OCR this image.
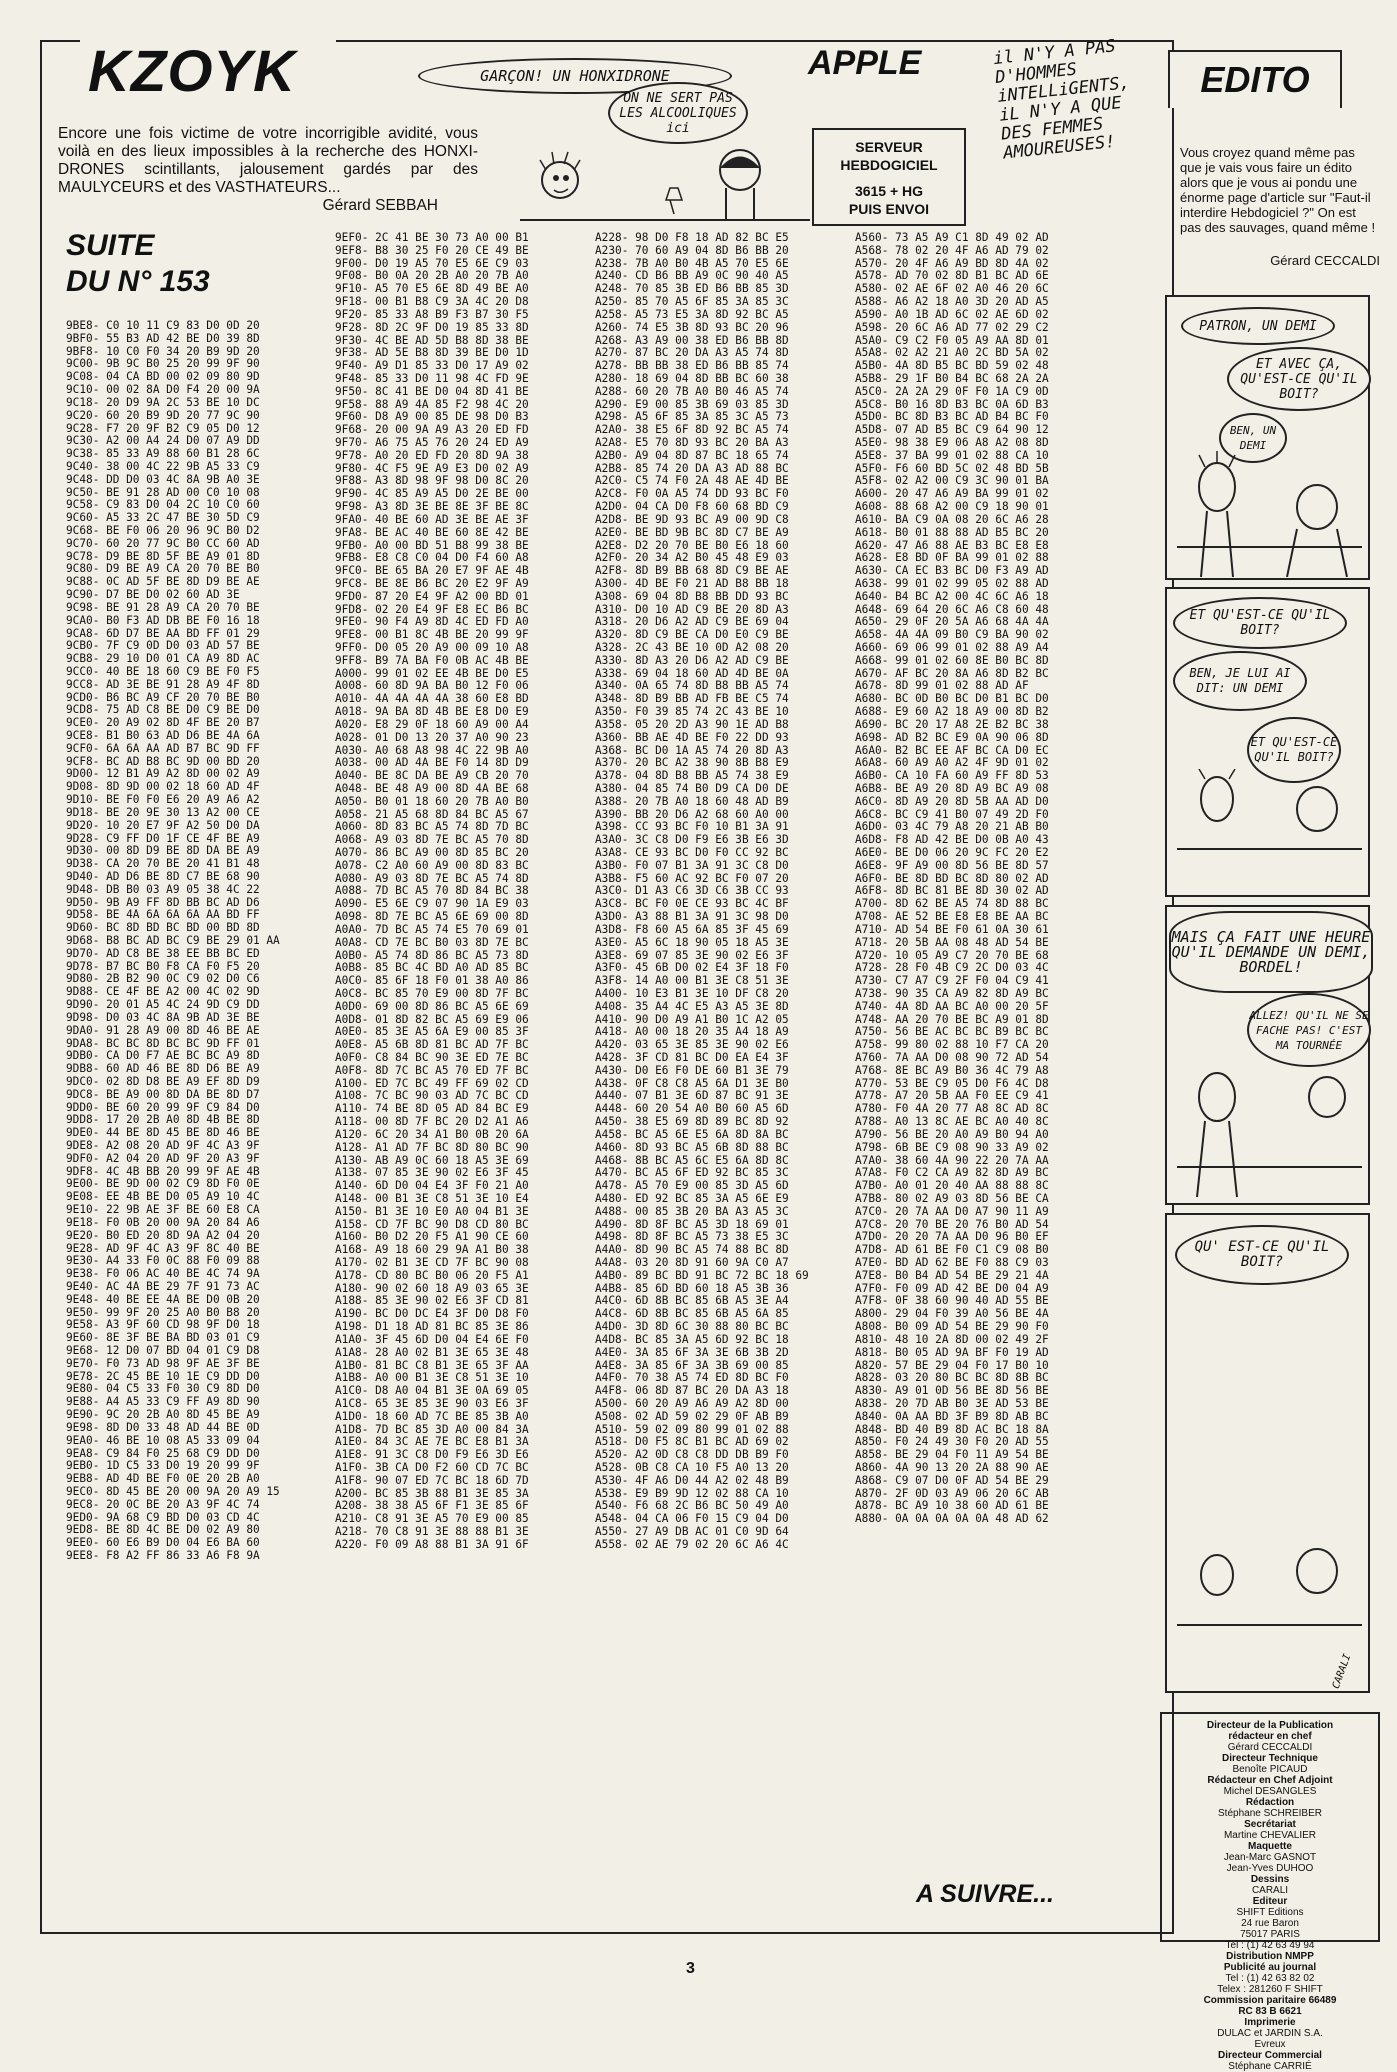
KZOYK
Encore une fois victime de votre incorrigible avidité, vous voilà en des lieux impossibles à la recherche des HONXI-DRONES scintillants, jalousement gardés par des MAULYCEURS et des VASTHATEURS...
Gérard SEBBAH
GARÇON! UN HONXIDRONE
ON NE SERT PAS LES ALCOOLIQUES ici
APPLE
SERVEUR
HEBDOGICIEL
3615 + HG
PUIS ENVOI
il N'Y A PAS D'HOMMES iNTELLiGENTS, iL N'Y A QUE DES FEMMES AMOUREUSES!
EDITO
Vous croyez quand même pas que je vais vous faire un édito alors que je vous ai pondu une énorme page d'article sur "Faut-il interdire Hebdogiciel ?" On est pas des sauvages, quand même !
Gérard CECCALDI
PATRON, UN DEMI
ET AVEC ÇA, QU'EST-CE QU'IL BOIT?
BEN, UN DEMI
ET QU'EST-CE QU'IL BOIT?
BEN, JE LUI AI DIT: UN DEMI
ET QU'EST-CE QU'IL BOIT?
MAIS ÇA FAIT UNE HEURE QU'IL DEMANDE UN DEMI, BORDEL!
ALLEZ! QU'IL NE SE FACHE PAS! C'EST MA TOURNÉE
QU' EST-CE QU'IL BOIT?
CARALI
Directeur de la Publication
rédacteur en chef
Gérard CECCALDI
Directeur Technique
Benoîte PICAUD
Rédacteur en Chef Adjoint
Michel DESANGLES
Rédaction
Stéphane SCHREIBER
Secrétariat
Martine CHEVALIER
Maquette
Jean-Marc GASNOT
Jean-Yves DUHOO
Dessins
CARALI
Editeur
SHIFT Editions
24 rue Baron
75017 PARIS
Tel : (1) 42 63 49 94
Distribution NMPP
Publicité au journal
Tel : (1) 42 63 82 02
Telex : 281260 F SHIFT
Commission paritaire 66489
RC 83 B 6621
Imprimerie
DULAC et JARDIN S.A.
Evreux
Directeur Commercial
Stéphane CARRIÉ
SUITE
DU N° 153
9BE8- C0 10 11 C9 83 D0 0D 20
9BF0- 55 B3 AD 42 BE D0 39 8D
9BF8- 10 C0 F0 34 20 B9 9D 20
9C00- 9B 9C B0 25 20 99 9F 90
9C08- 04 CA BD 00 02 09 80 9D
9C10- 00 02 8A D0 F4 20 00 9A
9C18- 20 D9 9A 2C 53 BE 10 DC
9C20- 60 20 B9 9D 20 77 9C 90
9C28- F7 20 9F B2 C9 05 D0 12
9C30- A2 00 A4 24 D0 07 A9 DD
9C38- 85 33 A9 88 60 B1 28 6C
9C40- 38 00 4C 22 9B A5 33 C9
9C48- DD D0 03 4C 8A 9B A0 3E
9C50- BE 91 28 AD 00 C0 10 08
9C58- C9 83 D0 04 2C 10 C0 60
9C60- A5 33 2C 47 BE 30 5D C9
9C68- BE F0 06 20 96 9C B0 D2
9C70- 60 20 77 9C B0 CC 60 AD
9C78- D9 BE 8D 5F BE A9 01 8D
9C80- D9 BE A9 CA 20 70 BE B0
9C88- 0C AD 5F BE 8D D9 BE AE
9C90- D7 BE D0 02 60 AD 3E
9C98- BE 91 28 A9 CA 20 70 BE
9CA0- B0 F3 AD DB BE F0 16 18
9CA8- 6D D7 BE AA BD FF 01 29
9CB0- 7F C9 0D D0 03 AD 57 BE
9CB8- 29 10 D0 01 CA A9 8D AC
9CC0- 40 BE 18 60 C9 BE F0 F5
9CC8- AD 3E BE 91 28 A9 4F 8D
9CD0- B6 BC A9 CF 20 70 BE B0
9CD8- 75 AD C8 BE D0 C9 BE D0
9CE0- 20 A9 02 8D 4F BE 20 B7
9CE8- B1 B0 63 AD D6 BE 4A 6A
9CF0- 6A 6A AA AD B7 BC 9D FF
9CF8- BC AD B8 BC 9D 00 BD 20
9D00- 12 B1 A9 A2 8D 00 02 A9
9D08- 8D 9D 00 02 18 60 AD 4F
9D10- BE F0 F0 E6 20 A9 A6 A2
9D18- BE 20 9E 30 13 A2 00 CE
9D20- 10 20 E7 9F A2 50 D0 DA
9D28- C9 FF D0 1F CE 4F BE A9
9D30- 00 8D D9 BE 8D DA BE A9
9D38- CA 20 70 BE 20 41 B1 48
9D40- AD D6 BE 8D C7 BE 68 90
9D48- DB B0 03 A9 05 38 4C 22
9D50- 9B A9 FF 8D BB BC AD D6
9D58- BE 4A 6A 6A 6A AA BD FF
9D60- BC 8D BD BC BD 00 BD 8D
9D68- B8 BC AD BC C9 BE 29 01 AA
9D70- AD C8 BE 38 EE BB BC ED
9D78- B7 BC B0 F8 CA F0 F5 20
9D80- 2B B2 90 0C C9 02 D0 C6
9D88- CE 4F BE A2 00 4C 02 9D
9D90- 20 01 A5 4C 24 9D C9 DD
9D98- D0 03 4C 8A 9B AD 3E BE
9DA0- 91 28 A9 00 8D 46 BE AE
9DA8- BC BC 8D BC BC 9D FF 01
9DB0- CA D0 F7 AE BC BC A9 8D
9DB8- 60 AD 46 BE 8D D6 BE A9
9DC0- 02 8D D8 BE A9 EF 8D D9
9DC8- BE A9 00 8D DA BE 8D D7
9DD0- BE 60 20 99 9F C9 84 D0
9DD8- 17 20 2B A0 8D 4B BE 8D
9DE0- 44 BE 8D 45 BE 8D 46 BE
9DE8- A2 08 20 AD 9F 4C A3 9F
9DF0- A2 04 20 AD 9F 20 A3 9F
9DF8- 4C 4B BB 20 99 9F AE 4B
9E00- BE 9D 00 02 C9 8D F0 0E
9E08- EE 4B BE D0 05 A9 10 4C
9E10- 22 9B AE 3F BE 60 E8 CA
9E18- F0 0B 20 00 9A 20 84 A6
9E20- B0 ED 20 8D 9A A2 04 20
9E28- AD 9F 4C A3 9F 8C 40 BE
9E30- A4 33 F0 0C 88 F0 09 88
9E38- F0 06 AC 40 BE 4C 74 9A
9E40- AC 4A BE 29 7F 91 73 AC
9E48- 40 BE EE 4A BE D0 0B 20
9E50- 99 9F 20 25 A0 B0 B8 20
9E58- A3 9F 60 CD 98 9F D0 18
9E60- 8E 3F BE BA BD 03 01 C9
9E68- 12 D0 07 BD 04 01 C9 D8
9E70- F0 73 AD 98 9F AE 3F BE
9E78- 2C 45 BE 10 1E C9 DD D0
9E80- 04 C5 33 F0 30 C9 8D D0
9E88- A4 A5 33 C9 FF A9 8D 90
9E90- 9C 20 2B A0 8D 45 BE A9
9E98- 8D D0 33 48 AD 44 BE 0D
9EA0- 46 BE 10 08 A5 33 09 04
9EA8- C9 84 F0 25 68 C9 DD D0
9EB0- 1D C5 33 D0 19 20 99 9F
9EB8- AD 4D BE F0 0E 20 2B A0
9EC0- 8D 45 BE 20 00 9A 20 A9 15
9EC8- 20 0C BE 20 A3 9F 4C 74
9ED0- 9A 68 C9 BD D0 03 CD 4C
9ED8- BE 8D 4C BE D0 02 A9 80
9EE0- 60 E6 B9 D0 04 E6 BA 60
9EE8- F8 A2 FF 86 33 A6 F8 9A
9EF0- 2C 41 BE 30 73 A0 00 B1
9EF8- B8 30 25 F0 20 CE 49 BE
9F00- D0 19 A5 70 E5 6E C9 03
9F08- B0 0A 20 2B A0 20 7B A0
9F10- A5 70 E5 6E 8D 49 BE A0
9F18- 00 B1 B8 C9 3A 4C 20 D8
9F20- 85 33 A8 B9 F3 B7 30 F5
9F28- 8D 2C 9F D0 19 85 33 8D
9F30- 4C BE AD 5D B8 8D 38 BE
9F38- AD 5E B8 8D 39 BE D0 1D
9F40- A9 D1 85 33 D0 17 A9 02
9F48- 85 33 D0 11 98 4C FD 9E
9F50- 8C 41 BE D0 04 8D 41 BE
9F58- 88 A9 4A 85 F2 98 4C 20
9F60- D8 A9 00 85 DE 98 D0 B3
9F68- 20 00 9A A9 A3 20 ED FD
9F70- A6 75 A5 76 20 24 ED A9
9F78- A0 20 ED FD 20 8D 9A 38
9F80- 4C F5 9E A9 E3 D0 02 A9
9F88- A3 8D 98 9F 98 D0 8C 20
9F90- 4C 85 A9 A5 D0 2E BE 00
9F98- A3 8D 3E BE 8E 3F BE 8C
9FA0- 40 BE 60 AD 3E BE AE 3F
9FA8- BE AC 40 BE 60 8E 42 BE
9FB0- A0 00 BD 51 B8 99 38 BE
9FB8- E8 C8 C0 04 D0 F4 60 A8
9FC0- BE 65 BA 20 E7 9F AE 4B
9FC8- BE 8E B6 BC 20 E2 9F A9
9FD0- 87 20 E4 9F A2 00 BD 01
9FD8- 02 20 E4 9F E8 EC B6 BC
9FE0- 90 F4 A9 8D 4C ED FD A0
9FE8- 00 B1 8C 4B BE 20 99 9F
9FF0- D0 05 20 A9 00 09 10 A8
9FF8- B9 7A BA F0 0B AC 4B BE
A000- 99 01 02 EE 4B BE D0 E5
A008- 60 8D 9A BA B0 12 F0 06
A010- 4A 4A 4A 4A 38 60 E8 BD
A018- 9A BA 8D 4B BE E8 D0 E9
A020- E8 29 0F 18 60 A9 00 A4
A028- 01 D0 13 20 37 A0 90 23
A030- A0 68 A8 98 4C 22 9B A0
A038- 00 AD 4A BE F0 14 8D D9
A040- BE 8C DA BE A9 CB 20 70
A048- BE 48 A9 00 8D 4A BE 68
A050- B0 01 18 60 20 7B A0 B0
A058- 21 A5 68 8D 84 BC A5 67
A060- 8D 83 BC A5 74 8D 7D BC
A068- A9 03 8D 7E BC A5 70 8D
A070- 86 BC A9 00 8D 85 BC 20
A078- C2 A0 60 A9 00 8D 83 BC
A080- A9 03 8D 7E BC A5 74 8D
A088- 7D BC A5 70 8D 84 BC 38
A090- E5 6E C9 07 90 1A E9 03
A098- 8D 7E BC A5 6E 69 00 8D
A0A0- 7D BC A5 74 E5 70 69 01
A0A8- CD 7E BC B0 03 8D 7E BC
A0B0- A5 74 8D 86 BC A5 73 8D
A0B8- 85 BC 4C BD A0 AD 85 BC
A0C0- 85 6F 18 F0 01 38 A0 86
A0C8- BC 85 70 E9 00 8D 7F BC
A0D0- 69 00 8D 86 BC A5 6E 69
A0D8- 01 8D 82 BC A5 69 E9 06
A0E0- 85 3E A5 6A E9 00 85 3F
A0E8- A5 6B 8D 81 BC AD 7F BC
A0F0- C8 84 BC 90 3E ED 7E BC
A0F8- 8D 7C BC A5 70 ED 7F BC
A100- ED 7C BC 49 FF 69 02 CD
A108- 7C BC 90 03 AD 7C BC CD
A110- 74 BE 8D 05 AD 84 BC E9
A118- 00 8D 7F BC 20 D2 A1 A6
A120- 6C 20 34 A1 B0 0B 20 6A
A128- A1 AD 7F BC 8D 80 BC 90
A130- AB A9 0C 60 18 A5 3E 69
A138- 07 85 3E 90 02 E6 3F 45
A140- 6D D0 04 E4 3F F0 21 A0
A148- 00 B1 3E C8 51 3E 10 E4
A150- B1 3E 10 E0 A0 04 B1 3E
A158- CD 7F BC 90 D8 CD 80 BC
A160- B0 D2 20 F5 A1 90 CE 60
A168- A9 18 60 29 9A A1 B0 38
A170- 02 B1 3E CD 7F BC 90 08
A178- CD 80 BC B0 06 20 F5 A1
A180- 90 02 60 18 A9 03 65 3E
A188- 85 3E 90 02 E6 3F CD 81
A190- BC D0 DC E4 3F D0 D8 F0
A198- D1 18 AD 81 BC 85 3E 86
A1A0- 3F 45 6D D0 04 E4 6E F0
A1A8- 28 A0 02 B1 3E 65 3E 48
A1B0- 81 BC C8 B1 3E 65 3F AA
A1B8- A0 00 B1 3E C8 51 3E 10
A1C0- D8 A0 04 B1 3E 0A 69 05
A1C8- 65 3E 85 3E 90 03 E6 3F
A1D0- 18 60 AD 7C BE 85 3B A0
A1D8- 7D BC 85 3D A0 00 84 3A
A1E0- 84 3C AE 7E BC E8 B1 3A
A1E8- 91 3C C8 D0 F9 E6 3D E6
A1F0- 3B CA D0 F2 60 CD 7C BC
A1F8- 90 07 ED 7C BC 18 6D 7D
A200- BC 85 3B 88 B1 3E 85 3A
A208- 38 38 A5 6F F1 3E 85 6F
A210- C8 91 3E A5 70 E9 00 85
A218- 70 C8 91 3E 88 88 B1 3E
A220- F0 09 A8 88 B1 3A 91 6F
A228- 98 D0 F8 18 AD 82 BC E5
A230- 70 60 A9 04 8D B6 BB 20
A238- 7B A0 B0 4B A5 70 E5 6E
A240- CD B6 BB A9 0C 90 40 A5
A248- 70 85 3B ED B6 BB 85 3D
A250- 85 70 A5 6F 85 3A 85 3C
A258- A5 73 E5 3A 8D 92 BC A5
A260- 74 E5 3B 8D 93 BC 20 96
A268- A3 A9 00 38 ED B6 BB 8D
A270- 87 BC 20 DA A3 A5 74 8D
A278- BB BB 38 ED B6 BB 85 74
A280- 18 69 04 8D BB BC 60 38
A288- 60 20 7B A0 B0 46 A5 74
A290- E9 00 85 3B 69 03 85 3D
A298- A5 6F 85 3A 85 3C A5 73
A2A0- 38 E5 6F 8D 92 BC A5 74
A2A8- E5 70 8D 93 BC 20 BA A3
A2B0- A9 04 8D 87 BC 18 65 74
A2B8- 85 74 20 DA A3 AD 88 BC
A2C0- C5 74 F0 2A 48 AE 4D BE
A2C8- F0 0A A5 74 DD 93 BC F0
A2D0- 04 CA D0 F8 60 68 BD C9
A2D8- BE 9D 93 BC A9 00 9D C8
A2E0- BE BD 9B BC 8D C7 BE A9
A2E8- D2 20 70 BE B0 E6 18 60
A2F0- 20 34 A2 B0 45 48 E9 03
A2F8- 8D B9 BB 68 8D C9 BE AE
A300- 4D BE F0 21 AD B8 BB 18
A308- 69 04 8D B8 BB DD 93 BC
A310- D0 10 AD C9 BE 20 8D A3
A318- 20 D6 A2 AD C9 BE 69 04
A320- 8D C9 BE CA D0 E0 C9 BE
A328- 2C 43 BE 10 0D A2 08 20
A330- 8D A3 20 D6 A2 AD C9 BE
A338- 69 04 18 60 AD 4D BE 0A
A340- 0A 65 74 8D B8 BB A5 74
A348- 8D B9 BB AD FB BE C5 74
A350- F0 39 85 74 2C 43 BE 10
A358- 05 20 2D A3 90 1E AD B8
A360- BB AE 4D BE F0 22 DD 93
A368- BC D0 1A A5 74 20 8D A3
A370- 20 BC A2 38 90 8B B8 E9
A378- 04 8D B8 BB A5 74 38 E9
A380- 04 85 74 B0 D9 CA D0 DE
A388- 20 7B A0 18 60 48 AD B9
A390- BB 20 D6 A2 68 60 A0 00
A398- CC 93 BC F0 10 B1 3A 91
A3A0- 3C C8 D0 F9 E6 3B E6 3D
A3A8- CE 93 BC D0 F0 CC 92 BC
A3B0- F0 07 B1 3A 91 3C C8 D0
A3B8- F5 60 AC 92 BC F0 07 20
A3C0- D1 A3 C6 3D C6 3B CC 93
A3C8- BC F0 0E CE 93 BC 4C BF
A3D0- A3 88 B1 3A 91 3C 98 D0
A3D8- F8 60 A5 6A 85 3F 45 69
A3E0- A5 6C 18 90 05 18 A5 3E
A3E8- 69 07 85 3E 90 02 E6 3F
A3F0- 45 6B D0 02 E4 3F 18 F0
A3F8- 14 A0 00 B1 3E C8 51 3E
A400- 10 E3 B1 3E 10 DF C8 20
A408- 35 A4 4C E5 A3 A5 3E 8D
A410- 90 D0 A9 A1 B0 1C A2 05
A418- A0 00 18 20 35 A4 18 A9
A420- 03 65 3E 85 3E 90 02 E6
A428- 3F CD 81 BC D0 EA E4 3F
A430- D0 E6 F0 DE 60 B1 3E 79
A438- 0F C8 C8 A5 6A D1 3E B0
A440- 07 B1 3E 6D 87 BC 91 3E
A448- 60 20 54 A0 B0 60 A5 6D
A450- 38 E5 69 8D 89 BC 8D 92
A458- BC A5 6E E5 6A 8D 8A BC
A460- 8D 93 BC A5 6B 8D 88 BC
A468- 8B BC A5 6C E5 6A 8D 8C
A470- BC A5 6F ED 92 BC 85 3C
A478- A5 70 E9 00 85 3D A5 6D
A480- ED 92 BC 85 3A A5 6E E9
A488- 00 85 3B 20 BA A3 A5 3C
A490- 8D 8F BC A5 3D 18 69 01
A498- 8D 8F BC A5 73 38 E5 3C
A4A0- 8D 90 BC A5 74 88 BC 8D
A4A8- 03 20 8D 91 60 9A C0 A7
A4B0- 89 BC BD 91 BC 72 BC 18 69
A4B8- 85 6D BD 60 18 A5 3B 36
A4C0- 6D 8B BC 85 6B A5 3E A4
A4C8- 6D 8B BC 85 6B A5 6A 85
A4D0- 3D 8D 6C 30 88 80 BC BC
A4D8- BC 85 3A A5 6D 92 BC 18
A4E0- 3A 85 6F 3A 3E 6B 3B 2D
A4E8- 3A 85 6F 3A 3B 69 00 85
A4F0- 70 38 A5 74 ED 8D BC F0
A4F8- 06 8D 87 BC 20 DA A3 18
A500- 60 20 A9 A6 A9 A2 8D 00
A508- 02 AD 59 02 29 0F AB B9
A510- 59 02 09 80 99 01 02 88
A518- D0 F5 8C B1 BC AD 69 02
A520- A2 0D C8 C8 DD DB B9 F0
A528- 0B C8 CA 10 F5 A0 13 20
A530- 4F A6 D0 44 A2 02 48 B9
A538- E9 B9 9D 12 02 88 CA 10
A540- F6 68 2C B6 BC 50 49 A0
A548- 04 CA 06 F0 15 C9 04 D0
A550- 27 A9 DB AC 01 C0 9D 64
A558- 02 AE 79 02 20 6C A6 4C
A560- 73 A5 A9 C1 8D 49 02 AD
A568- 78 02 20 4F A6 AD 79 02
A570- 20 4F A6 A9 BD 8D 4A 02
A578- AD 70 02 8D B1 BC AD 6E
A580- 02 AE 6F 02 A0 46 20 6C
A588- A6 A2 18 A0 3D 20 AD A5
A590- A0 1B AD 6C 02 AE 6D 02
A598- 20 6C A6 AD 77 02 29 C2
A5A0- C9 C2 F0 05 A9 AA 8D 01
A5A8- 02 A2 21 A0 2C BD 5A 02
A5B0- 4A 8D B5 BC BD 59 02 48
A5B8- 29 1F B0 B4 BC 68 2A 2A
A5C0- 2A 2A 29 0F F0 1A C9 0D
A5C8- B0 16 8D B3 BC 0A 6D B3
A5D0- BC 8D B3 BC AD B4 BC F0
A5D8- 07 AD B5 BC C9 64 90 12
A5E0- 98 38 E9 06 A8 A2 08 8D
A5E8- 37 BA 99 01 02 88 CA 10
A5F0- F6 60 BD 5C 02 48 BD 5B
A5F8- 02 A2 00 C9 3C 90 01 BA
A600- 20 47 A6 A9 BA 99 01 02
A608- 88 68 A2 00 C9 18 90 01
A610- BA C9 0A 08 20 6C A6 28
A618- B0 01 88 88 AD B5 BC 20
A620- 47 A6 88 AE B3 BC E8 E8
A628- E8 BD 0F BA 99 01 02 88
A630- CA EC B3 BC D0 F3 A9 AD
A638- 99 01 02 99 05 02 88 AD
A640- B4 BC A2 00 4C 6C A6 18
A648- 69 64 20 6C A6 C8 60 48
A650- 29 0F 20 5A A6 68 4A 4A
A658- 4A 4A 09 B0 C9 BA 90 02
A660- 69 06 99 01 02 88 A9 A4
A668- 99 01 02 60 8E B0 BC 8D
A670- AF BC 20 8A A6 8D B2 BC
A678- 8D 99 01 02 88 AD AF
A680- BC 0D B0 BC D0 B1 BC D0
A688- E9 60 A2 18 A9 00 8D B2
A690- BC 20 17 A8 2E B2 BC 38
A698- AD B2 BC E9 0A 90 06 8D
A6A0- B2 BC EE AF BC CA D0 EC
A6A8- 60 A9 A0 A2 4F 9D 01 02
A6B0- CA 10 FA 60 A9 FF 8D 53
A6B8- BE A9 20 8D A9 BC A9 08
A6C0- 8D A9 20 8D 5B AA AD D0
A6C8- BC C9 41 B0 07 49 2D F0
A6D0- 03 4C 79 A8 20 21 AB B0
A6D8- F8 AD 42 BE D0 0B A0 43
A6E0- BE D0 06 20 9C FC 20 E2
A6E8- 9F A9 00 8D 56 BE 8D 57
A6F0- BE 8D BD BC 8D 80 02 AD
A6F8- 8D BC 81 BE 8D 30 02 AD
A700- 8D 62 BE A5 74 8D 88 BC
A708- AE 52 BE E8 E8 BE AA BC
A710- AD 54 BE F0 61 0A 30 61
A718- 20 5B AA 08 48 AD 54 BE
A720- 10 05 A9 C7 20 70 BE 68
A728- 28 F0 4B C9 2C D0 03 4C
A730- C7 A7 C9 2F F0 04 C9 41
A738- 90 35 CA A9 82 8D A9 BC
A740- 4A 8D AA BC A0 00 20 5F
A748- AA 20 70 BE BC A9 01 8D
A750- 56 BE AC BC BC B9 BC BC
A758- 99 80 02 88 10 F7 CA 20
A760- 7A AA D0 08 90 72 AD 54
A768- 8E BC A9 B0 36 4C 79 A8
A770- 53 BE C9 05 D0 F6 4C D8
A778- A7 20 5B AA F0 EE C9 41
A780- F0 4A 20 77 A8 8C AD 8C
A788- A0 13 8C AE BC A0 40 8C
A790- 56 BE 20 A0 A9 B0 94 A0
A798- 6B BE C9 08 90 33 A9 02
A7A0- 38 60 4A 90 22 20 7A AA
A7A8- F0 C2 CA A9 82 8D A9 BC
A7B0- A0 01 20 40 AA 88 88 8C
A7B8- 80 02 A9 03 8D 56 BE CA
A7C0- 20 7A AA D0 A7 90 11 A9
A7C8- 20 70 BE 20 76 B0 AD 54
A7D0- 20 20 7A AA D0 96 B0 EF
A7D8- AD 61 BE F0 C1 C9 08 B0
A7E0- BD AD 62 BE F0 88 C9 03
A7E8- B0 B4 AD 54 BE 29 21 4A
A7F0- F0 09 AD 42 BE D0 04 A9
A7F8- 0F 38 60 90 40 AD 55 BE
A800- 29 04 F0 39 A0 56 BE 4A
A808- B0 09 AD 54 BE 29 90 F0
A810- 48 10 2A 8D 00 02 49 2F
A818- B0 05 AD 9A BF F0 19 AD
A820- 57 BE 29 04 F0 17 B0 10
A828- 03 20 80 BC BC 8D 8B BC
A830- A9 01 0D 56 BE 8D 56 BE
A838- 20 7D AB B0 3E AD 53 BE
A840- 0A AA BD 3F B9 8D AB BC
A848- BD 40 B9 8D AC BC 18 8A
A850- F0 24 49 30 F0 20 AD 55
A858- BE 29 04 F0 11 A9 54 BE
A860- 4A 90 13 20 2A 88 90 AE
A868- C9 07 D0 0F AD 54 BE 29
A870- 2F 0D 03 A9 06 20 6C AB
A878- BC A9 10 38 60 AD 61 BE
A880- 0A 0A 0A 0A 0A 48 AD 62
A SUIVRE...
3
